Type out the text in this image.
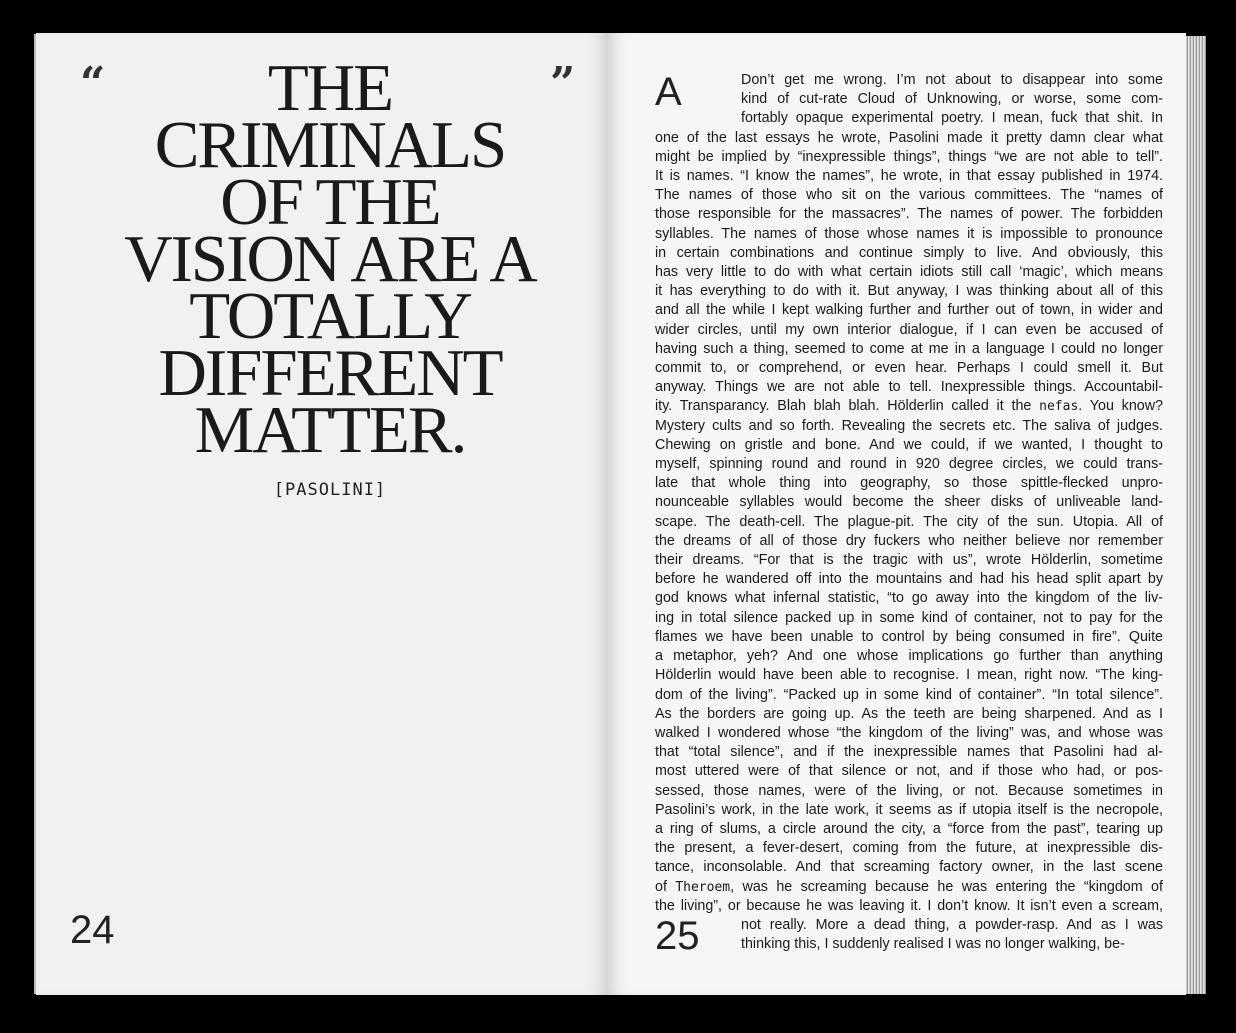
“	”
THE
CRIMINALS
OF THE
VISION ARE A
TOTALLY
DIFFERENT
MATTER.
[PASOLINI]
24
A	Don’t get me wrong. I’m not about to disappear into some
kind of cut-rate Cloud of Unknowing, or worse, some com-
fortably opaque experimental poetry. I mean, fuck that shit. In
one of the last essays he wrote, Pasolini made it pretty damn clear what
might be implied by “inexpressible things”, things “we are not able to tell”.
It is names. “I know the names”, he wrote, in that essay published in 1974.
The names of those who sit on the various committees. The “names of
those responsible for the massacres”. The names of power. The forbidden
syllables. The names of those whose names it is impossible to pronounce
in certain combinations and continue simply to live. And obviously, this
has very little to do with what certain idiots still call ‘magic’, which means
it has everything to do with it. But anyway, I was thinking about all of this
and all the while I kept walking further and further out of town, in wider and
wider circles, until my own interior dialogue, if I can even be accused of
having such a thing, seemed to come at me in a language I could no longer
commit to, or comprehend, or even hear. Perhaps I could smell it. But
anyway. Things we are not able to tell. Inexpressible things. Accountabil-
ity. Transparancy. Blah blah blah. Hölderlin called it the nefas. You know?
Mystery cults and so forth. Revealing the secrets etc. The saliva of judges.
Chewing on gristle and bone. And we could, if we wanted, I thought to
myself, spinning round and round in 920 degree circles, we could trans-
late that whole thing into geography, so those spittle-flecked unpro-
nounceable syllables would become the sheer disks of unliveable land-
scape. The death-cell. The plague-pit. The city of the sun. Utopia. All of
the dreams of all of those dry fuckers who neither believe nor remember
their dreams. “For that is the tragic with us”, wrote Hölderlin, sometime
before he wandered off into the mountains and had his head split apart by
god knows what infernal statistic, “to go away into the kingdom of the liv-
ing in total silence packed up in some kind of container, not to pay for the
flames we have been unable to control by being consumed in fire”. Quite
a metaphor, yeh? And one whose implications go further than anything
Hölderlin would have been able to recognise. I mean, right now. “The king-
dom of the living”. “Packed up in some kind of container”. “In total silence”.
As the borders are going up. As the teeth are being sharpened. And as I
walked I wondered whose “the kingdom of the living” was, and whose was
that “total silence”, and if the inexpressible names that Pasolini had al-
most uttered were of that silence or not, and if those who had, or pos-
sessed, those names, were of the living, or not. Because sometimes in
Pasolini’s work, in the late work, it seems as if utopia itself is the necropole,
a ring of slums, a circle around the city, a “force from the past”, tearing up
the present, a fever-desert, coming from the future, at inexpressible dis-
tance, inconsolable. And that screaming factory owner, in the last scene
of Theroem, was he screaming because he was entering the “kingdom of
the living”, or because he was leaving it. I don’t know. It isn’t even a scream,
not really. More a dead thing, a powder-rasp. And as I was
thinking this, I suddenly realised I was no longer walking, be-
25
